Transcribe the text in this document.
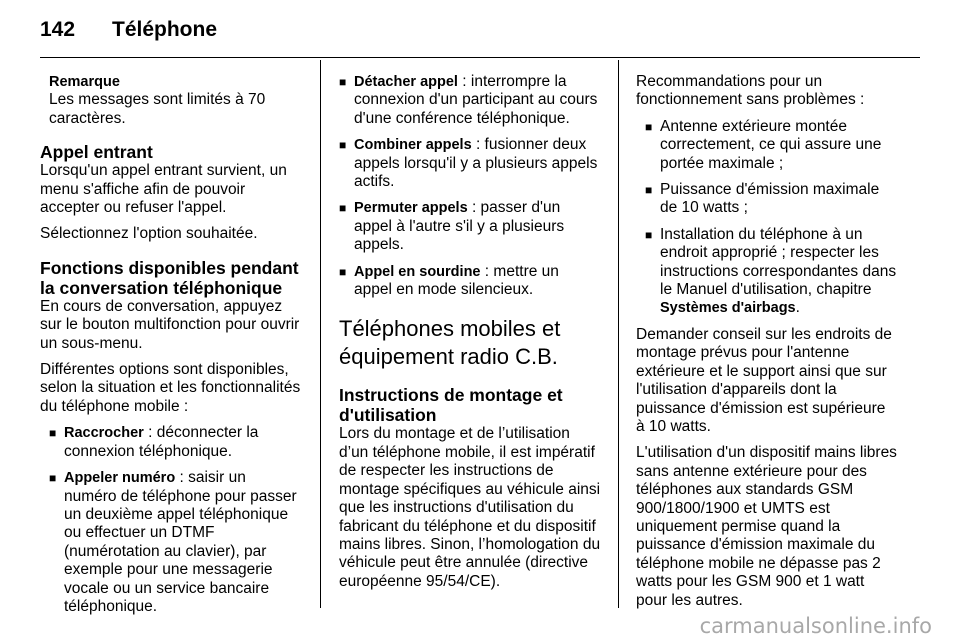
142	Téléphone
Remarque
Les messages sont limités à 70 caractères.
Appel entrant

Lorsqu'un appel entrant survient, un menu s'affiche afin de pouvoir accepter ou refuser l'appel.

Sélectionnez l'option souhaitée.

Fonctions disponibles pendant la conversation téléphonique

En cours de conversation, appuyez sur le bouton multifonction pour ouvrir un sous-menu.

Différentes options sont disponibles, selon la situation et les fonctionnalités du téléphone mobile :

■ Raccrocher : déconnecter la connexion téléphonique.
■ Appeler numéro : saisir un numéro de téléphone pour passer un deuxième appel téléphonique ou effectuer un DTMF (numérotation au clavier), par exemple pour une messagerie vocale ou un service bancaire téléphonique.
■ Détacher appel : interrompre la connexion d'un participant au cours d'une conférence téléphonique.
■ Combiner appels : fusionner deux appels lorsqu'il y a plusieurs appels actifs.
■ Permuter appels : passer d'un appel à l'autre s'il y a plusieurs appels.
■ Appel en sourdine : mettre un appel en mode silencieux.
Téléphones mobiles et équipement radio C.B.
Instructions de montage et d'utilisation

Lors du montage et de l’utilisation d’un téléphone mobile, il est impératif de respecter les instructions de montage spécifiques au véhicule ainsi que les instructions d'utilisation du fabricant du téléphone et du dispositif mains libres. Sinon, l’homologation du véhicule peut être annulée (directive européenne 95/54/CE).

Recommandations pour un fonctionnement sans problèmes :

■ Antenne extérieure montée correctement, ce qui assure une portée maximale ;
■ Puissance d'émission maximale de 10 watts ;
■ Installation du téléphone à un endroit approprié ; respecter les instructions correspondantes dans le Manuel d'utilisation, chapitre Systèmes d'airbags.

Demander conseil sur les endroits de montage prévus pour l'antenne extérieure et le support ainsi que sur l'utilisation d'appareils dont la puissance d'émission est supérieure à 10 watts.

L'utilisation d'un dispositif mains libres sans antenne extérieure pour des téléphones aux standards GSM 900/1800/1900 et UMTS est uniquement permise quand la puissance d'émission maximale du téléphone mobile ne dépasse pas 2 watts pour les GSM 900 et 1 watt pour les autres.

carmanualsonline.info
